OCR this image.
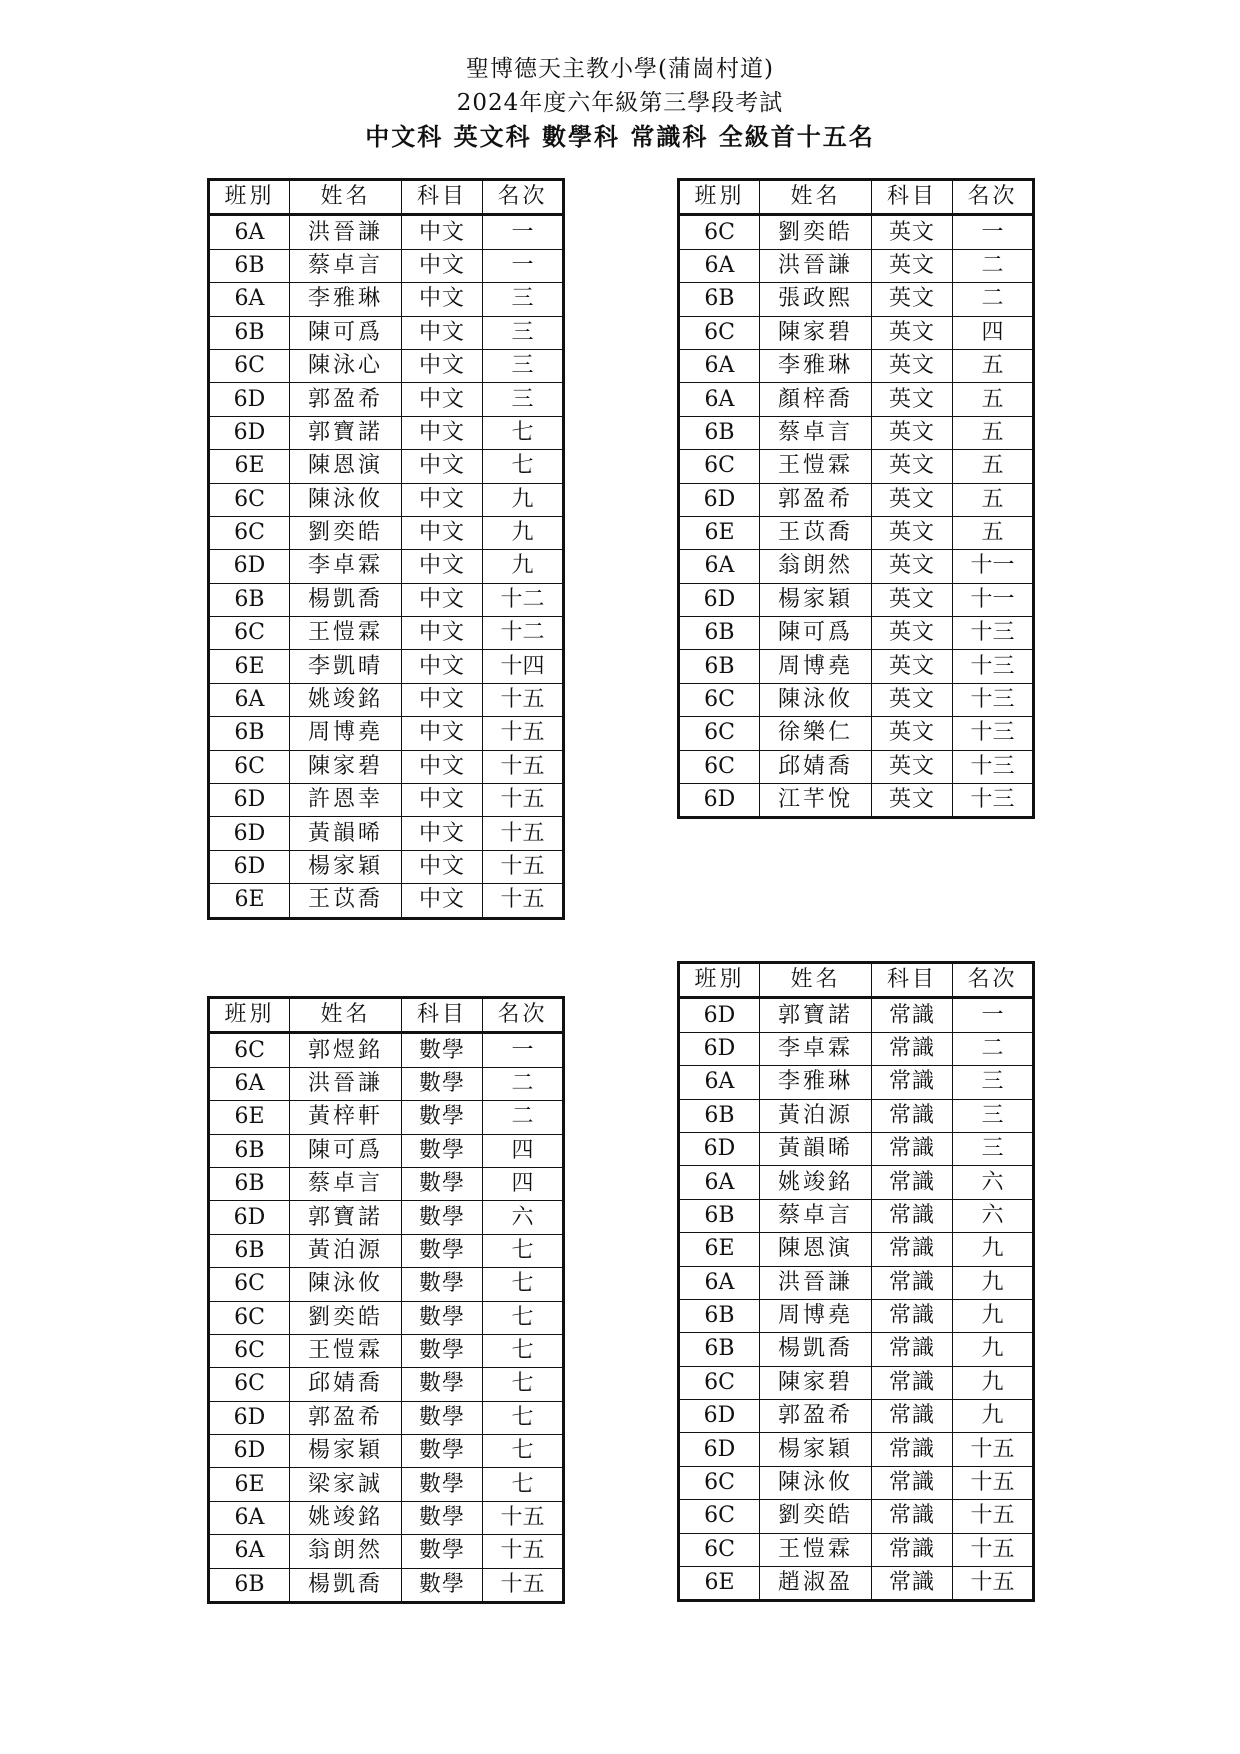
聖博德天主教小學(蒲崗村道)
2024年度六年級第三學段考試
中文科 英文科 數學科 常識科 全級首十五名
班別	姓名	科目	名次
6A	洪晉謙	中文	一
6B	蔡卓言	中文	一
6A	李雅琳	中文	三
6B	陳可爲	中文	三
6C	陳泳心	中文	三
6D	郭盈希	中文	三
6D	郭寶諾	中文	七
6E	陳恩演	中文	七
6C	陳泳攸	中文	九
6C	劉奕皓	中文	九
6D	李卓霖	中文	九
6B	楊凱喬	中文	十二
6C	王愷霖	中文	十二
6E	李凱晴	中文	十四
6A	姚竣銘	中文	十五
6B	周博堯	中文	十五
6C	陳家碧	中文	十五
6D	許恩幸	中文	十五
6D	黃韻晞	中文	十五
6D	楊家穎	中文	十五
6E	王苡喬	中文	十五
班別	姓名	科目	名次
6C	劉奕皓	英文	一
6A	洪晉謙	英文	二
6B	張政熙	英文	二
6C	陳家碧	英文	四
6A	李雅琳	英文	五
6A	顏梓喬	英文	五
6B	蔡卓言	英文	五
6C	王愷霖	英文	五
6D	郭盈希	英文	五
6E	王苡喬	英文	五
6A	翁朗然	英文	十一
6D	楊家穎	英文	十一
6B	陳可爲	英文	十三
6B	周博堯	英文	十三
6C	陳泳攸	英文	十三
6C	徐樂仁	英文	十三
6C	邱婧喬	英文	十三
6D	江芊悅	英文	十三
班別	姓名	科目	名次
6C	郭煜銘	數學	一
6A	洪晉謙	數學	二
6E	黃梓軒	數學	二
6B	陳可爲	數學	四
6B	蔡卓言	數學	四
6D	郭寶諾	數學	六
6B	黃泊源	數學	七
6C	陳泳攸	數學	七
6C	劉奕皓	數學	七
6C	王愷霖	數學	七
6C	邱婧喬	數學	七
6D	郭盈希	數學	七
6D	楊家穎	數學	七
6E	梁家誠	數學	七
6A	姚竣銘	數學	十五
6A	翁朗然	數學	十五
6B	楊凱喬	數學	十五
班別	姓名	科目	名次
6D	郭寶諾	常識	一
6D	李卓霖	常識	二
6A	李雅琳	常識	三
6B	黃泊源	常識	三
6D	黃韻晞	常識	三
6A	姚竣銘	常識	六
6B	蔡卓言	常識	六
6E	陳恩演	常識	九
6A	洪晉謙	常識	九
6B	周博堯	常識	九
6B	楊凱喬	常識	九
6C	陳家碧	常識	九
6D	郭盈希	常識	九
6D	楊家穎	常識	十五
6C	陳泳攸	常識	十五
6C	劉奕皓	常識	十五
6C	王愷霖	常識	十五
6E	趙淑盈	常識	十五
